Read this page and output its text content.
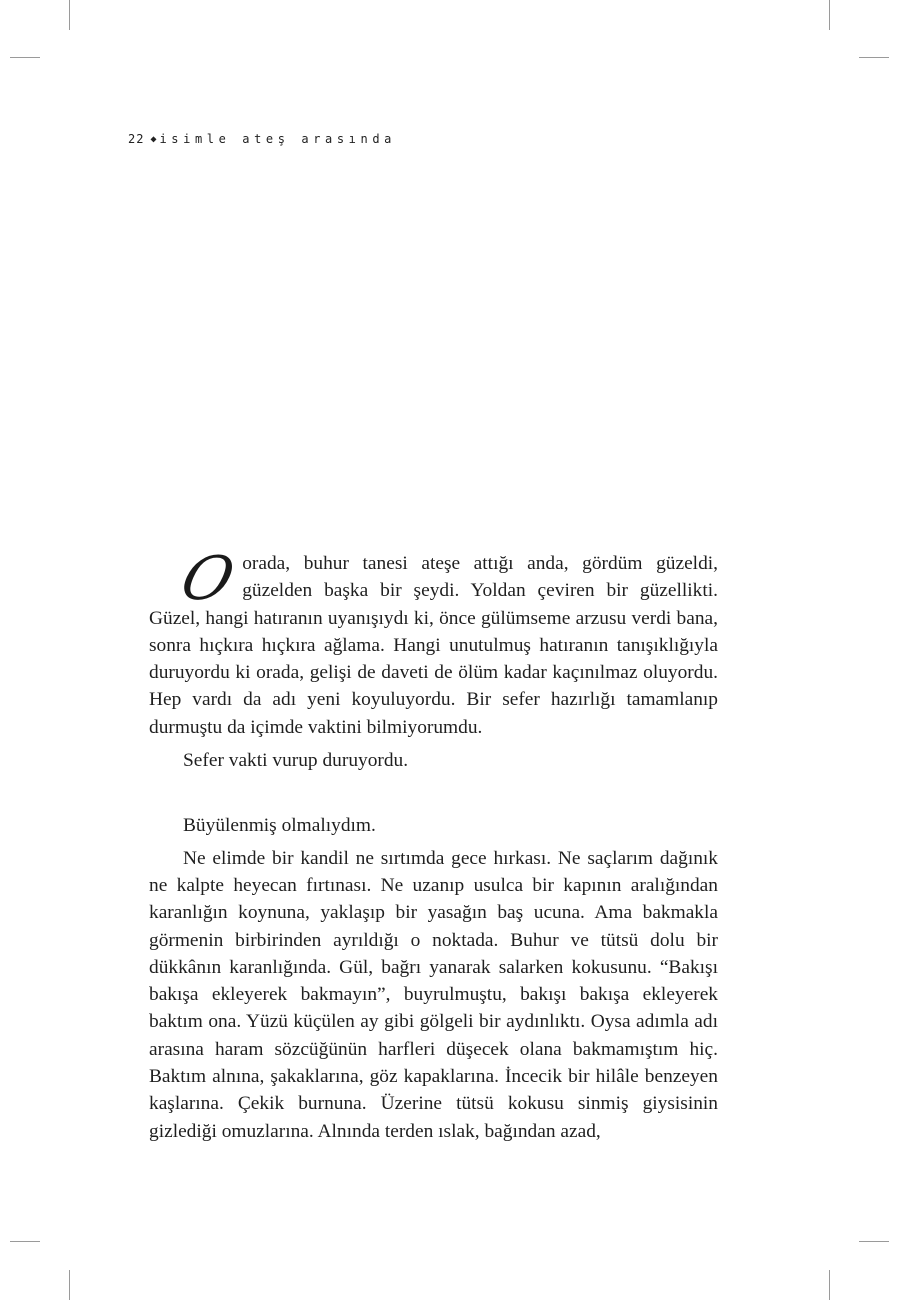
22 ◆ isimle ateş arasında

Oorada, buhur tanesi ateşe attığı anda, gördüm güzeldi, güzelden başka bir şeydi. Yoldan çeviren bir güzellikti. Güzel, hangi hatıranın uyanışıydı ki, önce gülümseme arzusu verdi bana, sonra hıçkıra hıçkıra ağlama. Hangi unutulmuş hatıranın tanışıklığıyla duruyordu ki orada, gelişi de daveti de ölüm kadar kaçınılmaz oluyordu. Hep vardı da adı yeni koyuluyordu. Bir sefer hazırlığı tamamlanıp durmuştu da içimde vaktini bilmiyorumdu.

Sefer vakti vurup duruyordu.

Büyülenmiş olmalıydım.

Ne elimde bir kandil ne sırtımda gece hırkası. Ne saçlarım dağınık ne kalpte heyecan fırtınası. Ne uzanıp usulca bir kapının aralığından karanlığın koynuna, yaklaşıp bir yasağın baş ucuna. Ama bakmakla görmenin birbirinden ayrıldığı o noktada. Buhur ve tütsü dolu bir dükkânın karanlığında. Gül, bağrı yanarak salarken kokusunu. “Bakışı bakışa ekleyerek bakmayın”, buyrulmuştu, bakışı bakışa ekleyerek baktım ona. Yüzü küçülen ay gibi gölgeli bir aydınlıktı. Oysa adımla adı arasına haram sözcüğünün harfleri düşecek olana bakmamıştım hiç. Baktım alnına, şakaklarına, göz kapaklarına. İncecik bir hilâle benzeyen kaşlarına. Çekik burnuna. Üzerine tütsü kokusu sinmiş giysisinin gizlediği omuzlarına. Alnında terden ıslak, bağından azad,
